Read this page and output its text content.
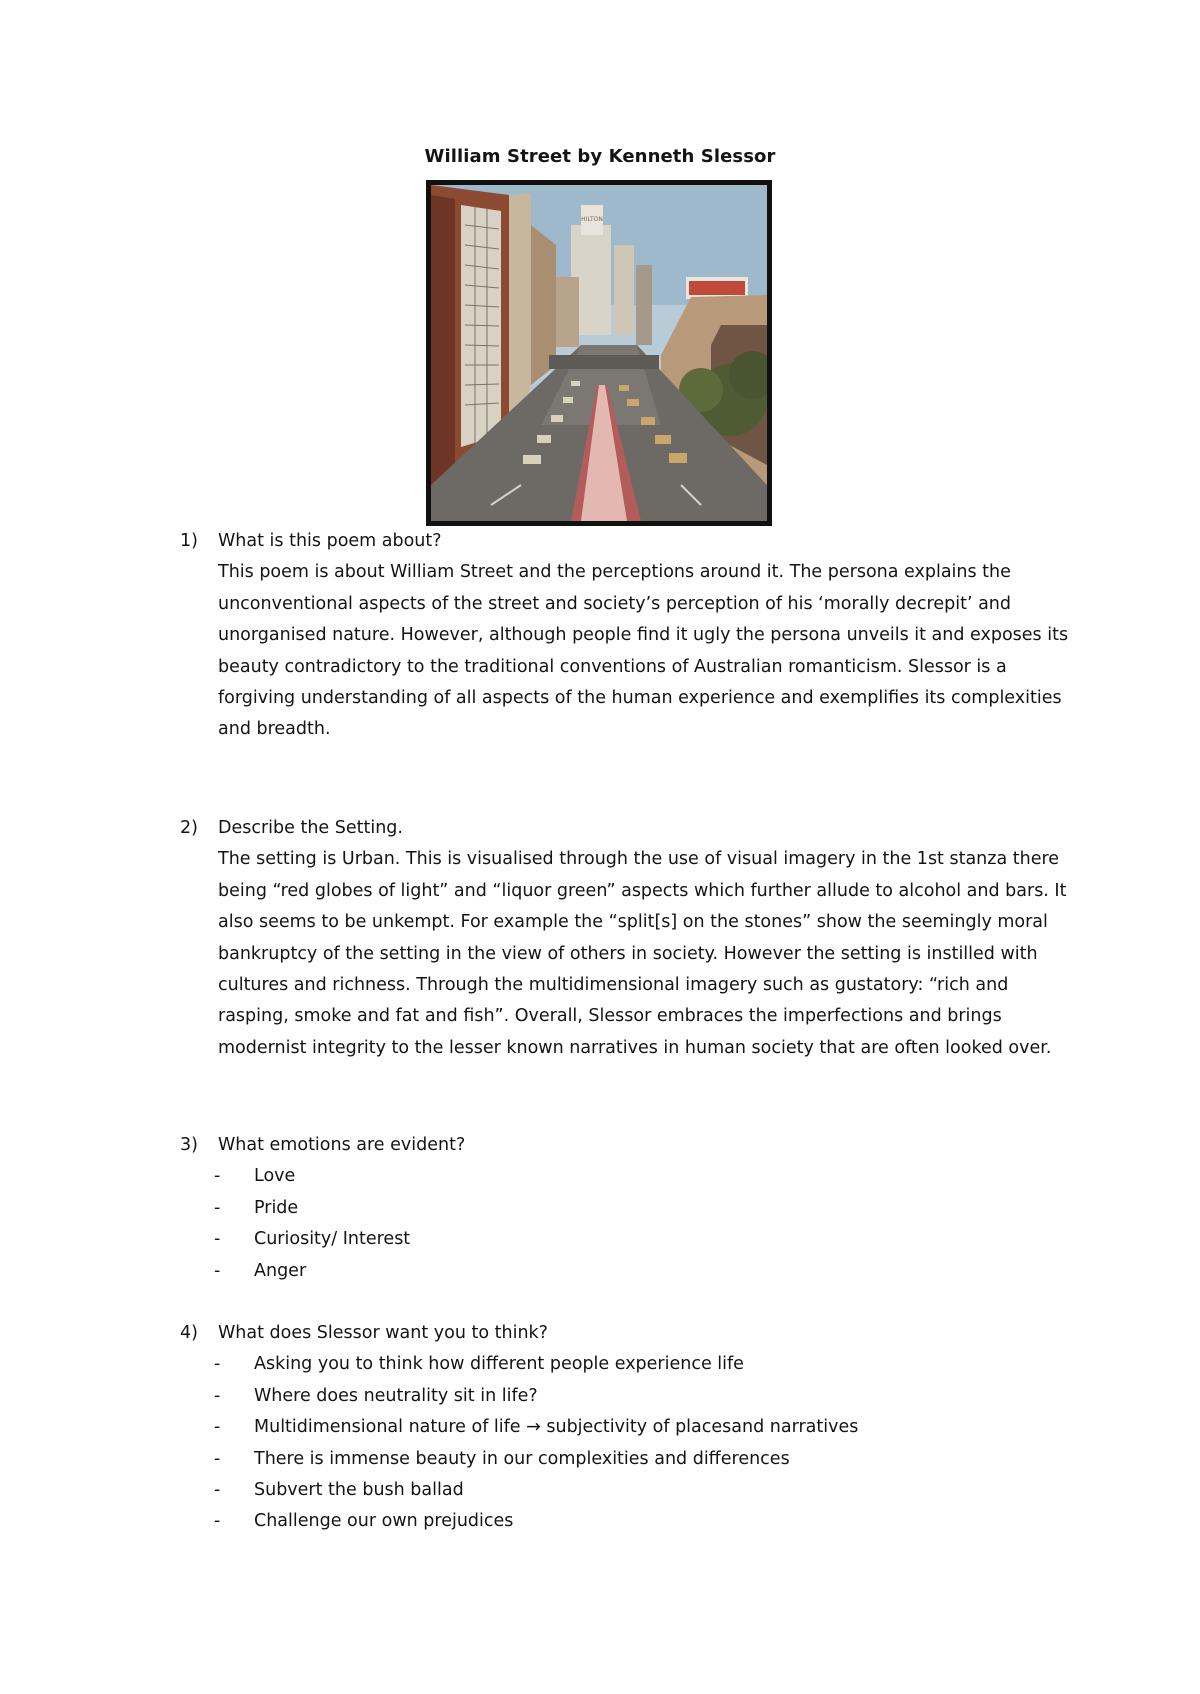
William Street by Kenneth Slessor
HILTON
1)	What is this poem about?

This poem is about William Street and the perceptions around it. The persona explains the unconventional aspects of the street and society’s perception of his ‘morally decrepit’ and unorganised nature. However, although people find it ugly the persona unveils it and exposes its beauty contradictory to the traditional conventions of Australian romanticism. Slessor is a forgiving understanding of all aspects of the human experience and exemplifies its complexities and breadth.

2)	Describe the Setting.

The setting is Urban. This is visualised through the use of visual imagery in the 1st stanza there being “red globes of light” and “liquor green” aspects which further allude to alcohol and bars. It also seems to be unkempt. For example the “split[s] on the stones” show the seemingly moral bankruptcy of the setting in the view of others in society. However the setting is instilled with cultures and richness. Through the multidimensional imagery such as gustatory: “rich and rasping, smoke and fat and fish”. Overall, Slessor embraces the imperfections and brings modernist integrity to the lesser known narratives in human society that are often looked over.

3)	What emotions are evident?
- Love
- Pride
- Curiosity/ Interest
- Anger
4)	What does Slessor want you to think?
- Asking you to think how different people experience life
- Where does neutrality sit in life?
- Multidimensional nature of life → subjectivity of placesand narratives
- There is immense beauty in our complexities and differences
- Subvert the bush ballad
- Challenge our own prejudices
